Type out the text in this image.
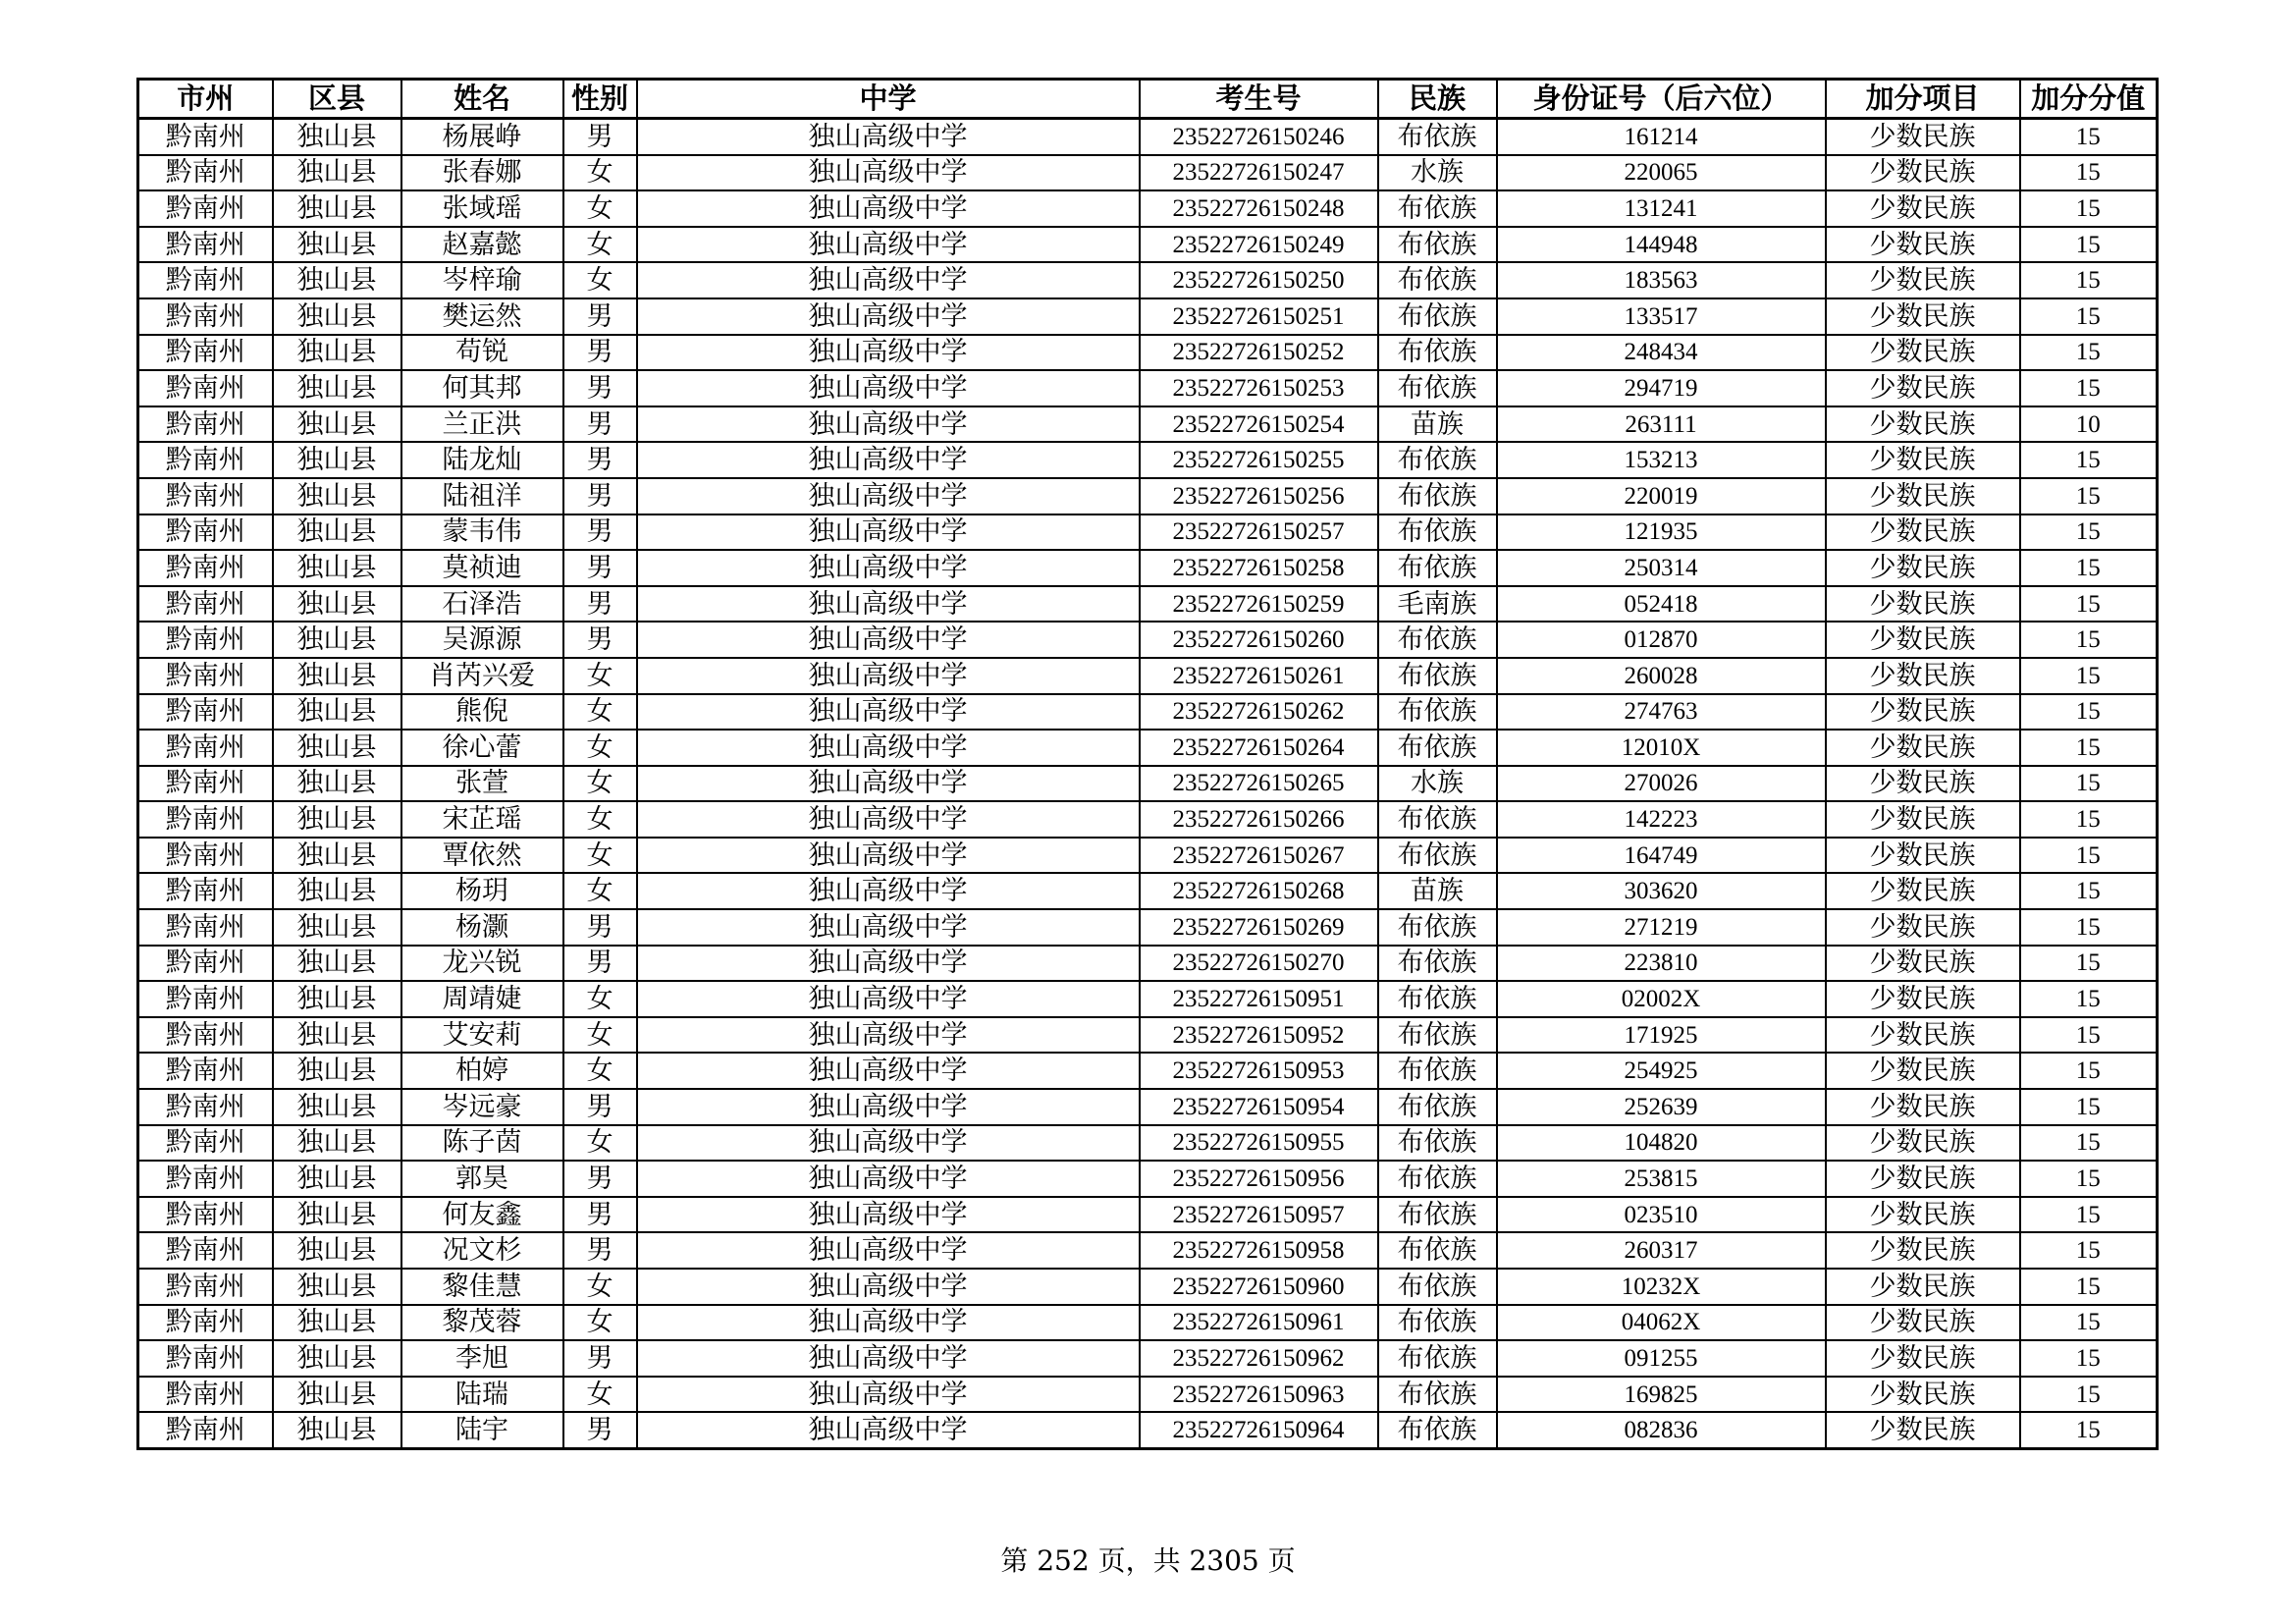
市州	区县	姓名	性别	中学	考生号	民族	身份证号（后六位）	加分项目	加分分值
黔南州	独山县	杨展峥	男	独山高级中学	23522726150246	布依族	161214	少数民族	15
黔南州	独山县	张春娜	女	独山高级中学	23522726150247	水族	220065	少数民族	15
黔南州	独山县	张域瑶	女	独山高级中学	23522726150248	布依族	131241	少数民族	15
黔南州	独山县	赵嘉懿	女	独山高级中学	23522726150249	布依族	144948	少数民族	15
黔南州	独山县	岑梓瑜	女	独山高级中学	23522726150250	布依族	183563	少数民族	15
黔南州	独山县	樊运然	男	独山高级中学	23522726150251	布依族	133517	少数民族	15
黔南州	独山县	苟锐	男	独山高级中学	23522726150252	布依族	248434	少数民族	15
黔南州	独山县	何其邦	男	独山高级中学	23522726150253	布依族	294719	少数民族	15
黔南州	独山县	兰正洪	男	独山高级中学	23522726150254	苗族	263111	少数民族	10
黔南州	独山县	陆龙灿	男	独山高级中学	23522726150255	布依族	153213	少数民族	15
黔南州	独山县	陆祖洋	男	独山高级中学	23522726150256	布依族	220019	少数民族	15
黔南州	独山县	蒙韦伟	男	独山高级中学	23522726150257	布依族	121935	少数民族	15
黔南州	独山县	莫祯迪	男	独山高级中学	23522726150258	布依族	250314	少数民族	15
黔南州	独山县	石泽浩	男	独山高级中学	23522726150259	毛南族	052418	少数民族	15
黔南州	独山县	吴源源	男	独山高级中学	23522726150260	布依族	012870	少数民族	15
黔南州	独山县	肖芮兴爱	女	独山高级中学	23522726150261	布依族	260028	少数民族	15
黔南州	独山县	熊倪	女	独山高级中学	23522726150262	布依族	274763	少数民族	15
黔南州	独山县	徐心蕾	女	独山高级中学	23522726150264	布依族	12010X	少数民族	15
黔南州	独山县	张萱	女	独山高级中学	23522726150265	水族	270026	少数民族	15
黔南州	独山县	宋芷瑶	女	独山高级中学	23522726150266	布依族	142223	少数民族	15
黔南州	独山县	覃依然	女	独山高级中学	23522726150267	布依族	164749	少数民族	15
黔南州	独山县	杨玥	女	独山高级中学	23522726150268	苗族	303620	少数民族	15
黔南州	独山县	杨灏	男	独山高级中学	23522726150269	布依族	271219	少数民族	15
黔南州	独山县	龙兴锐	男	独山高级中学	23522726150270	布依族	223810	少数民族	15
黔南州	独山县	周靖婕	女	独山高级中学	23522726150951	布依族	02002X	少数民族	15
黔南州	独山县	艾安莉	女	独山高级中学	23522726150952	布依族	171925	少数民族	15
黔南州	独山县	柏婷	女	独山高级中学	23522726150953	布依族	254925	少数民族	15
黔南州	独山县	岑远豪	男	独山高级中学	23522726150954	布依族	252639	少数民族	15
黔南州	独山县	陈子茵	女	独山高级中学	23522726150955	布依族	104820	少数民族	15
黔南州	独山县	郭昊	男	独山高级中学	23522726150956	布依族	253815	少数民族	15
黔南州	独山县	何友鑫	男	独山高级中学	23522726150957	布依族	023510	少数民族	15
黔南州	独山县	况文杉	男	独山高级中学	23522726150958	布依族	260317	少数民族	15
黔南州	独山县	黎佳慧	女	独山高级中学	23522726150960	布依族	10232X	少数民族	15
黔南州	独山县	黎茂蓉	女	独山高级中学	23522726150961	布依族	04062X	少数民族	15
黔南州	独山县	李旭	男	独山高级中学	23522726150962	布依族	091255	少数民族	15
黔南州	独山县	陆瑞	女	独山高级中学	23522726150963	布依族	169825	少数民族	15
黔南州	独山县	陆宇	男	独山高级中学	23522726150964	布依族	082836	少数民族	15
第 252 页，共 2305 页
